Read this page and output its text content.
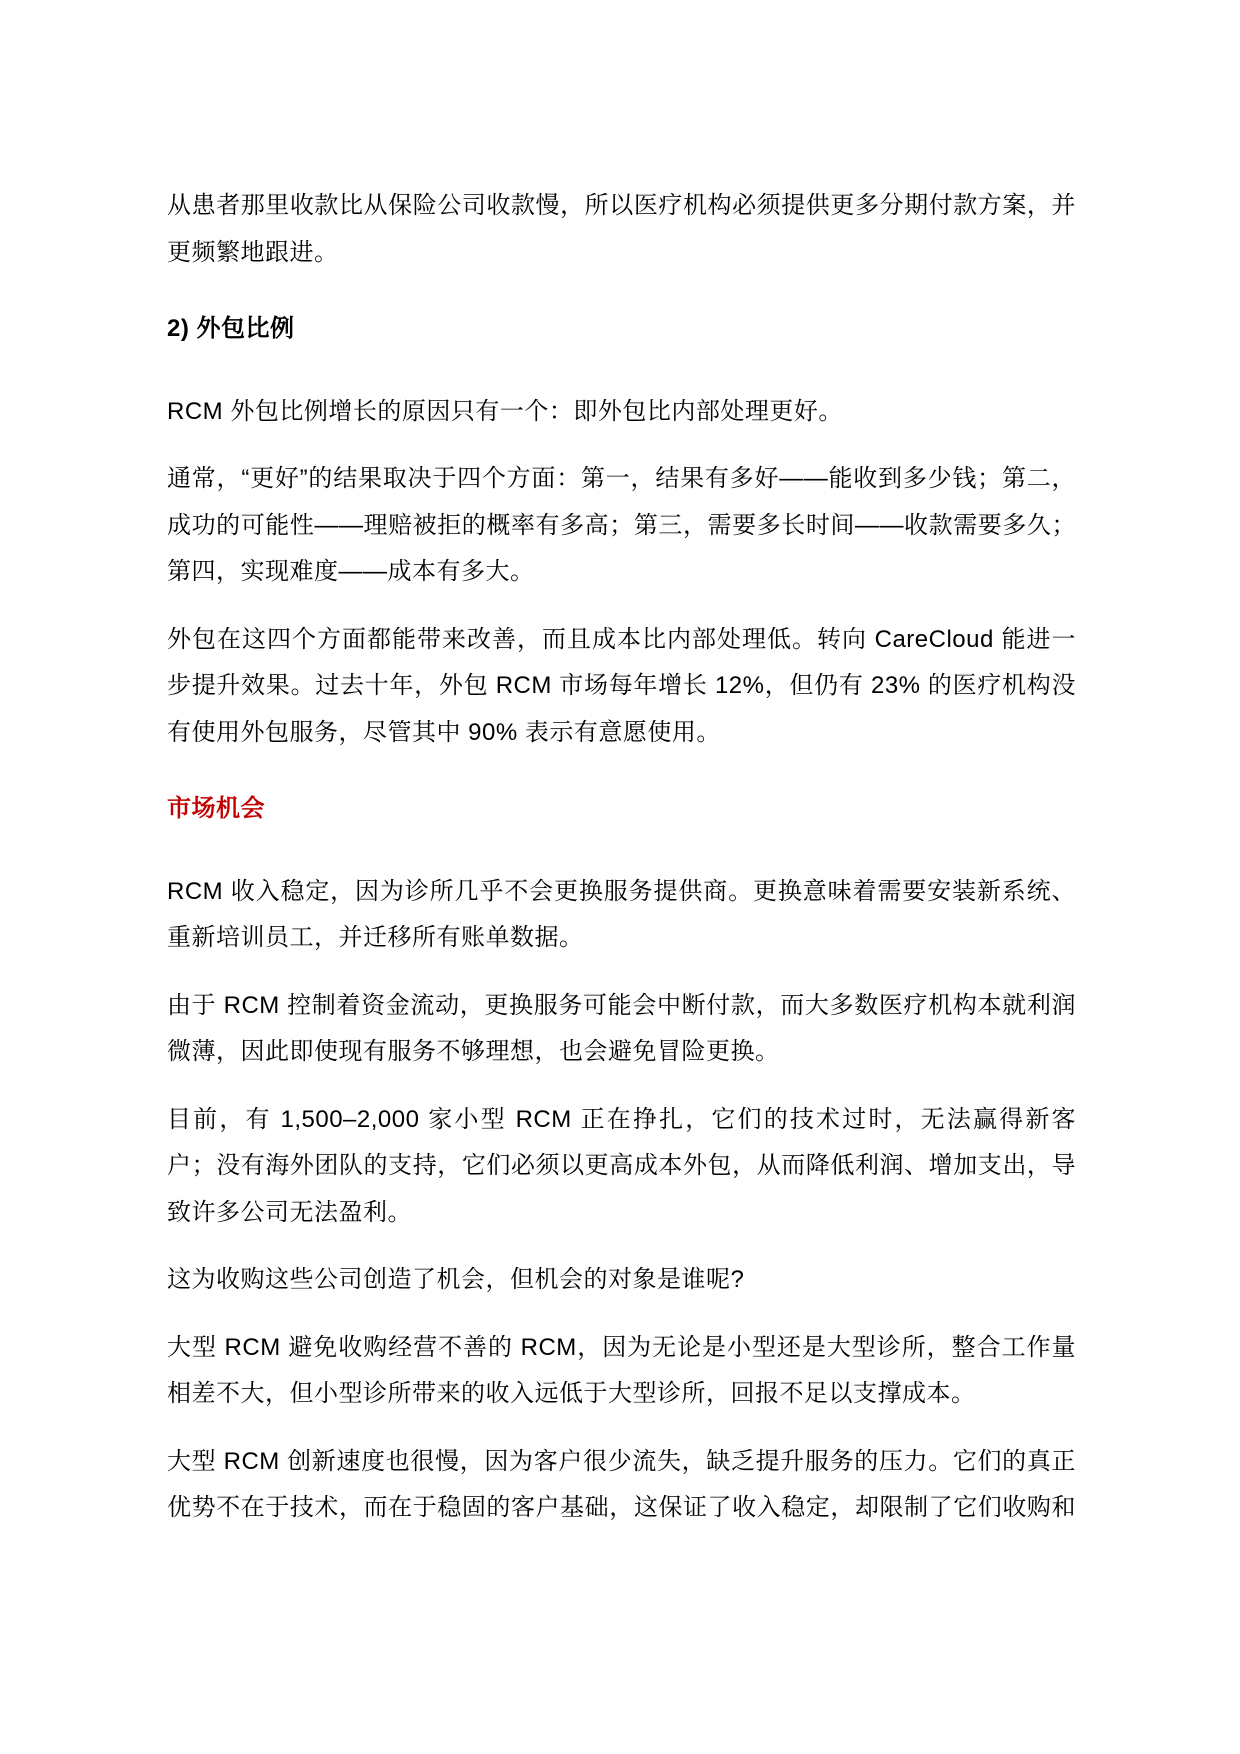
从患者那里收款比从保险公司收款慢，所以医疗机构必须提供更多分期付款方案，并更频繁地跟进。

2) 外包比例

RCM 外包比例增长的原因只有一个：即外包比内部处理更好。

通常，“更好”的结果取决于四个方面：第一，结果有多好——能收到多少钱；第二，成功的可能性——理赔被拒的概率有多高；第三，需要多长时间——收款需要多久；第四，实现难度——成本有多大。

外包在这四个方面都能带来改善，而且成本比内部处理低。转向 CareCloud 能进一步提升效果。过去十年，外包 RCM 市场每年增长 12%，但仍有 23% 的医疗机构没有使用外包服务，尽管其中 90% 表示有意愿使用。

市场机会

RCM 收入稳定，因为诊所几乎不会更换服务提供商。更换意味着需要安装新系统、重新培训员工，并迁移所有账单数据。

由于 RCM 控制着资金流动，更换服务可能会中断付款，而大多数医疗机构本就利润微薄，因此即使现有服务不够理想，也会避免冒险更换。

目前，有 1,500–2,000 家小型 RCM 正在挣扎，它们的技术过时，无法赢得新客户；没有海外团队的支持，它们必须以更高成本外包，从而降低利润、增加支出，导致许多公司无法盈利。

这为收购这些公司创造了机会，但机会的对象是谁呢?

大型 RCM 避免收购经营不善的 RCM，因为无论是小型还是大型诊所，整合工作量相差不大，但小型诊所带来的收入远低于大型诊所，回报不足以支撑成本。

大型 RCM 创新速度也很慢，因为客户很少流失，缺乏提升服务的压力。它们的真正优势不在于技术，而在于稳固的客户基础，这保证了收入稳定，却限制了它们收购和
